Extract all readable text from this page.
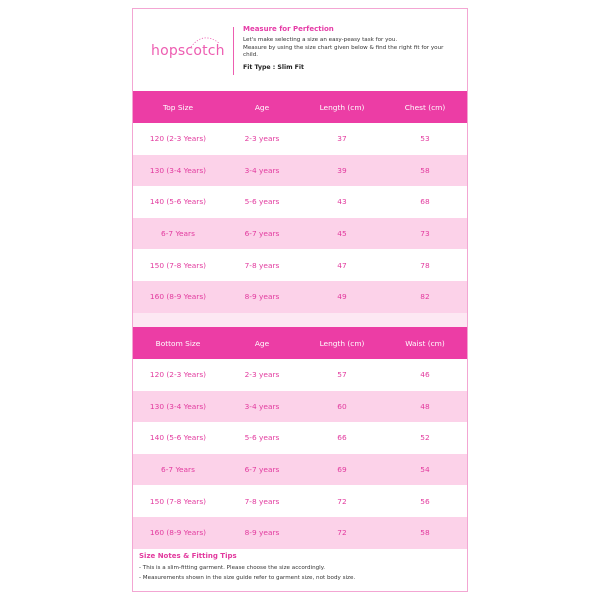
hopscotch
Measure for Perfection
Let's make selecting a size an easy-peasy task for you.
Measure by using the size chart given below & find the right fit for your
child.
Fit Type : Slim Fit
Top Size	Age	Length (cm)	Chest (cm)
120 (2-3 Years)	2-3 years	37	53
130 (3-4 Years)	3-4 years	39	58
140 (5-6 Years)	5-6 years	43	68
6-7 Years	6-7 years	45	73
150 (7-8 Years)	7-8 years	47	78
160 (8-9 Years)	8-9 years	49	82
Bottom Size	Age	Length (cm)	Waist (cm)
120 (2-3 Years)	2-3 years	57	46
130 (3-4 Years)	3-4 years	60	48
140 (5-6 Years)	5-6 years	66	52
6-7 Years	6-7 years	69	54
150 (7-8 Years)	7-8 years	72	56
160 (8-9 Years)	8-9 years	72	58
Size Notes & Fitting Tips
- This is a slim-fitting garment. Please choose the size accordingly.
- Measurements shown in the size guide refer to garment size, not body size.
